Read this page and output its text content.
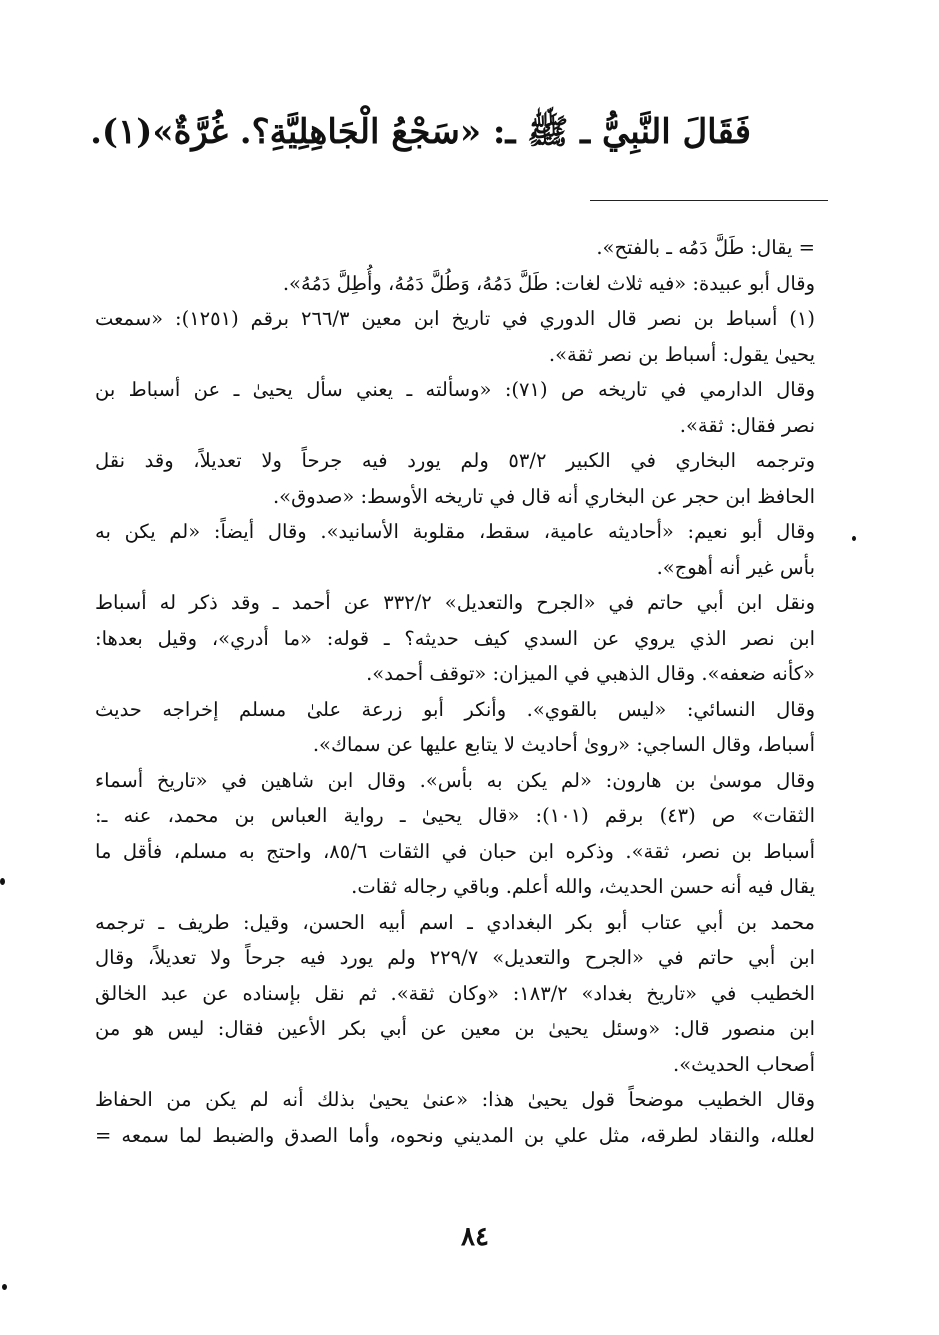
فَقَالَ النَّبِيُّ ـ ﷺ ـ: «سَجْعُ الْجَاهِلِيَّةِ؟. غُرَّةٌ»(١).
= يقال: طَلَّ دَمُه ـ بالفتح».
وقال أبو عبيدة: «فيه ثلاث لغات: طَلَّ دَمُهُ، وَطُلَّ دَمُهُ، وأُطِلَّ دَمُهُ».
(١) أسباط بن نصر قال الدوري في تاريخ ابن معين ٢٦٦/٣ برقم (١٢٥١): «سمعت
يحيىٰ يقول: أسباط بن نصر ثقة».
وقال الدارمي في تاريخه ص (٧١): «وسألته ـ يعني سأل يحيىٰ ـ عن أسباط بن
نصر فقال: ثقة».
وترجمه البخاري في الكبير ٥٣/٢ ولم يورد فيه جرحاً ولا تعديلاً، وقد نقل
الحافظ ابن حجر عن البخاري أنه قال في تاريخه الأوسط: «صدوق».
وقال أبو نعيم: «أحاديثه عامية، سقط، مقلوبة الأسانيد». وقال أيضاً: «لم يكن به
بأس غير أنه أهوج».
ونقل ابن أبي حاتم في «الجرح والتعديل» ٣٣٢/٢ عن أحمد ـ وقد ذكر له أسباط
ابن نصر الذي يروي عن السدي كيف حديثه؟ ـ قوله: «ما أدري»، وقيل بعدها:
«كأنه ضعفه». وقال الذهبي في الميزان: «توقف أحمد».
وقال النسائي: «ليس بالقوي». وأنكر أبو زرعة علىٰ مسلم إخراجه حديث
أسباط، وقال الساجي: «روىٰ أحاديث لا يتابع عليها عن سماك».
وقال موسىٰ بن هارون: «لم يكن به بأس». وقال ابن شاهين في «تاريخ أسماء
الثقات» ص (٤٣) برقم (١٠١): «قال يحيىٰ ـ رواية العباس بن محمد، عنه ـ:
أسباط بن نصر، ثقة». وذكره ابن حبان في الثقات ٨٥/٦، واحتج به مسلم، فأقل ما
يقال فيه أنه حسن الحديث، والله أعلم. وباقي رجاله ثقات.
محمد بن أبي عتاب أبو بكر البغدادي ـ اسم أبيه الحسن، وقيل: طريف ـ ترجمه
ابن أبي حاتم في «الجرح والتعديل» ٢٢٩/٧ ولم يورد فيه جرحاً ولا تعديلاً، وقال
الخطيب في «تاريخ بغداد» ١٨٣/٢: «وكان ثقة». ثم نقل بإسناده عن عبد الخالق
ابن منصور قال: «وسئل يحيىٰ بن معين عن أبي بكر الأعين فقال: ليس هو من
أصحاب الحديث».
وقال الخطيب موضحاً قول يحيىٰ هذا: «عنىٰ يحيىٰ بذلك أنه لم يكن من الحفاظ
لعلله، والنقاد لطرقه، مثل علي بن المديني ونحوه، وأما الصدق والضبط لما سمعه =
٨٤
